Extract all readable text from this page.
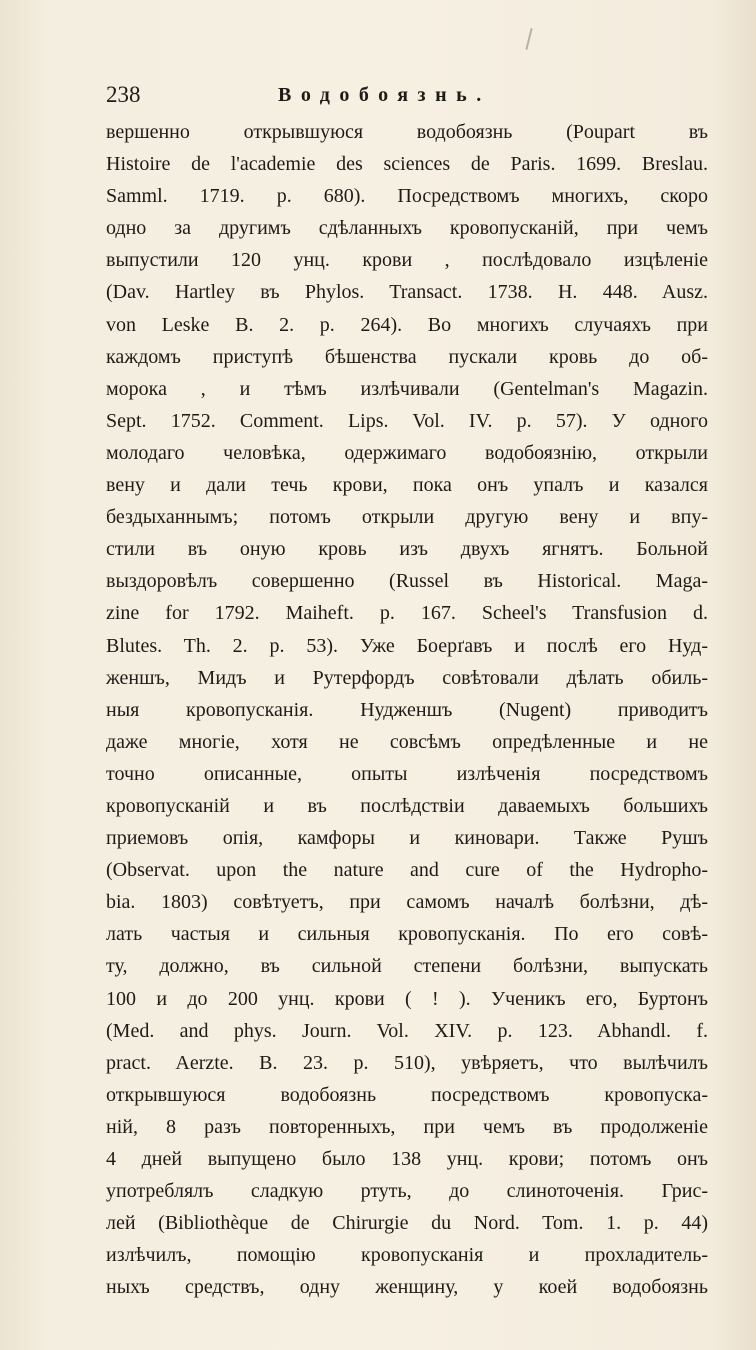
238	Водобоязнь.
вершенно открывшуюся водобоязнь (Poupart въ
Histoire de l'academie des sciences de Paris. 1699. Breslau.
Samml. 1719. p. 680). Посредствомъ многихъ, скоро
одно за другимъ сдѣланныхъ кровопусканій, при чемъ
выпустили 120 унц. крови , послѣдовало изцѣленіе
(Dav. Hartley въ Phylos. Transact. 1738. H. 448. Ausz.
von Leske B. 2. p. 264). Во многихъ случаяхъ при
каждомъ приступѣ бѣшенства пускали кровь до об-
морока , и тѣмъ излѣчивали (Gentelman's Magazin.
Sept. 1752. Comment. Lips. Vol. IV. p. 57). У одного
молодаго человѣка, одержимаго водобоязнію, открыли
вену и дали течь крови, пока онъ упалъ и казался
бездыханнымъ; потомъ открыли другую вену и впу-
стили въ оную кровь изъ двухъ ягнятъ. Больной
выздоровѣлъ совершенно (Russel въ Historical. Maga-
zine for 1792. Maiheft. p. 167. Scheel's Transfusion d.
Blutes. Th. 2. p. 53). Уже Боерґавъ и послѣ его Нуд-
женшъ, Мидъ и Рутерфордъ совѣтовали дѣлать обиль-
ныя кровопусканія. Нудженшъ (Nugent) приводитъ
даже многіе, хотя не совсѣмъ опредѣленные и не
точно описанные, опыты излѣченія посредствомъ
кровопусканій и въ послѣдствіи даваемыхъ большихъ
приемовъ опія, камфоры и киновари. Также Рушъ
(Observat. upon the nature and cure of the Hydropho-
bia. 1803) совѣтуетъ, при самомъ началѣ болѣзни, дѣ-
лать частыя и сильныя кровопусканія. По его совѣ-
ту, должно, въ сильной степени болѣзни, выпускать
100 и до 200 унц. крови ( ! ). Ученикъ его, Буртонъ
(Med. and phys. Journ. Vol. XIV. p. 123. Abhandl. f.
pract. Aerzte. B. 23. p. 510), увѣряетъ, что вылѣчилъ
открывшуюся водобоязнь посредствомъ кровопуска-
ній, 8 разъ повторенныхъ, при чемъ въ продолженіе
4 дней выпущено было 138 унц. крови; потомъ онъ
употреблялъ сладкую ртуть, до слиноточенія. Грис-
лей (Bibliothèque de Chirurgie du Nord. Tom. 1. p. 44)
излѣчилъ, помощію кровопусканія и прохладитель-
ныхъ средствъ, одну женщину, у коей водобоязнь
